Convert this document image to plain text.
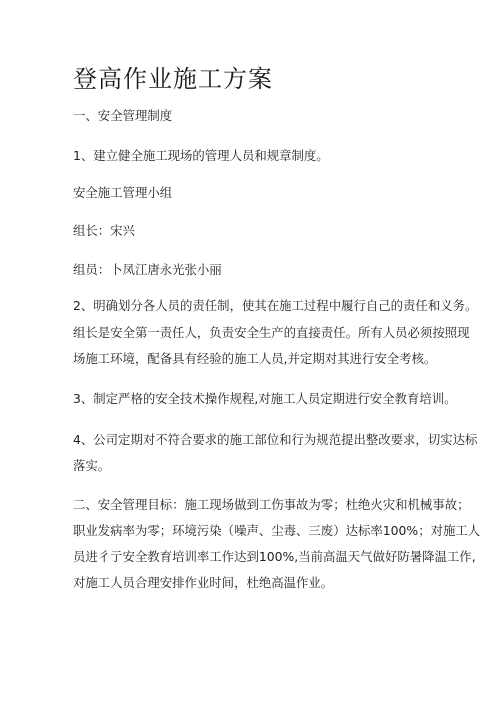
登高作业施工方案
一、安全管理制度
1、建立健全施工现场的管理人员和规章制度。
安全施工管理小组
组长：宋兴
组员：卜凤江唐永光张小丽
2、明确划分各人员的责任制，使其在施工过程中履行自己的责任和义务。
组长是安全第一责任人，负责安全生产的直接责任。所有人员必须按照现
场施工环境，配备具有经验的施工人员,并定期对其进行安全考核。
3、制定严格的安全技术操作规程,对施工人员定期进行安全教育培训。
4、公司定期对不符合要求的施工部位和行为规范提出整改要求，切实达标
落实。
二、安全管理目标：施工现场做到工伤事故为零；杜绝火灾和机械事故；
职业发病率为零；环境污染（噪声、尘毒、三废）达标率100%；对施工人
员进彳亍安全教育培训率工作达到100%,当前高温天气做好防暑降温工作,
对施工人员合理安排作业时间，杜绝高温作业。
